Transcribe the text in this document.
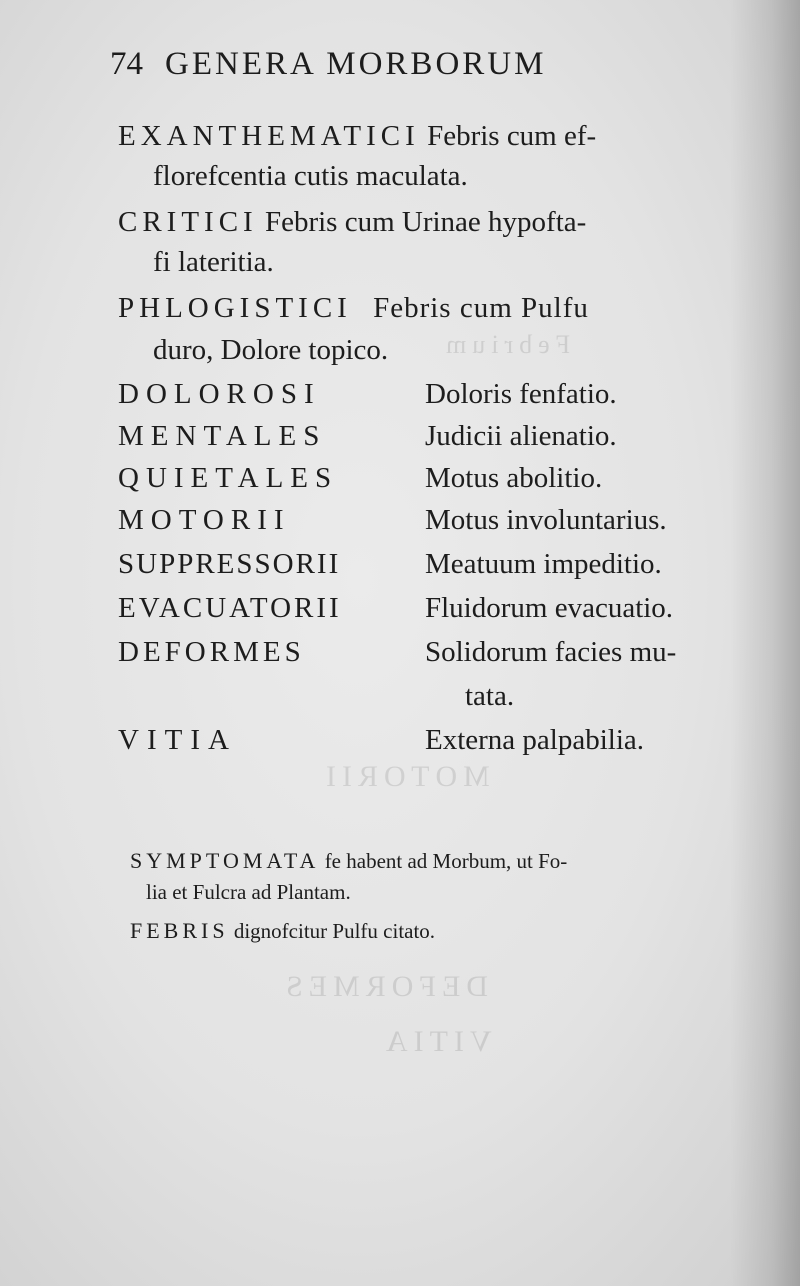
Febrium
MOTORII
DEFORMES
VITIA
74 GENERA MORBORUM
EXANTHEMATICI Febris cum ef-
florefcentia cutis maculata.
CRITICI Febris cum Urinae hypofta-
fi lateritia.
PHLOGISTICI Febris cum Pulfu
duro, Dolore topico.
DOLOROSI	Doloris fenfatio.
MENTALES	Judicii alienatio.
QUIETALES	Motus abolitio.
MOTORII	Motus involuntarius.
SUPPRESSORII	Meatuum impeditio.
EVACUATORII	Fluidorum evacuatio.
DEFORMES	Solidorum facies mu-
tata.
VITIA	Externa palpabilia.
SYMPTOMATA fe habent ad Morbum, ut Fo-
lia et Fulcra ad Plantam.
FEBRIS dignofcitur Pulfu citato.
